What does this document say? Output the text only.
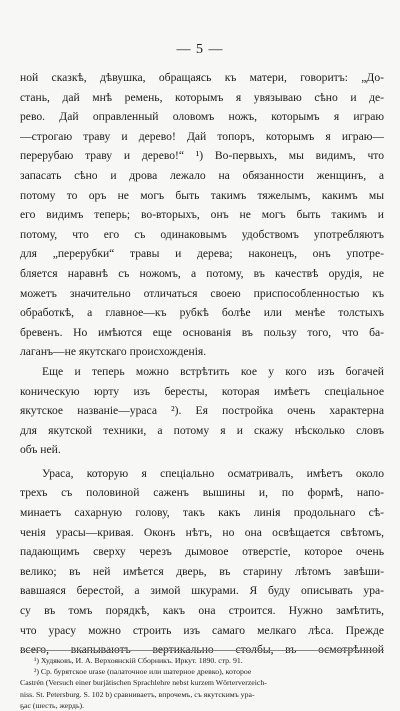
— 5 —
ной сказкѣ, дѣвушка, обращаясь къ матери, говоритъ: „До-
стань, дай мнѣ ремень, которымъ я увязываю сѣно и де-
рево. Дай оправленный оловомъ ножъ, которымъ я играю
—строгаю траву и дерево! Дай топоръ, которымъ я играю—
перерубаю траву и дерево!“ ¹) Во-первыхъ, мы видимъ, что
запасать сѣно и дрова лежало на обязанности женщинъ, а
потому то оръ не могъ быть такимъ тяжелымъ, какимъ мы
его видимъ теперь; во-вторыхъ, онъ не могъ быть такимъ и
потому, что его съ одинаковымъ удобствомъ употребляютъ
для „перерубки“ травы и дерева; наконецъ, онъ употре-
бляется наравнѣ съ ножомъ, а потому, въ качествѣ орудія, не
можетъ значительно отличаться своею приспособленностью къ
обработкѣ, а главное—къ рубкѣ болѣе или менѣе толстыхъ
бревенъ. Но имѣются еще основанія въ пользу того, что ба-
лаганъ—не якутскаго происхожденія.
Еще и теперь можно встрѣтить кое у кого изъ богачей
коническую юрту изъ бересты, которая имѣетъ спеціальное
якутское названіе—ураса ²). Ея постройка очень характерна
для якутской техники, а потому я и скажу нѣсколько словъ
объ ней.
Ураса, которую я спеціально осматривалъ, имѣетъ около
трехъ съ половиной саженъ вышины и, по формѣ, напо-
минаетъ сахарную голову, такъ какъ линія продольнаго сѣ-
ченія урасы—кривая. Оконъ нѣтъ, но она освѣщается свѣтомъ,
падающимъ сверху черезъ дымовое отверстіе, которое очень
велико; въ ней имѣется дверь, въ старину лѣтомъ завѣши-
вавшаяся берестой, а зимой шкурами. Я буду описывать ура-
су въ томъ порядкѣ, какъ она строится. Нужно замѣтить,
что урасу можно строить изъ самаго мелкаго лѣса. Прежде
всего, вкапываютъ вертикально столбы,—въ осмотрѣнной
¹) Худяковъ, И. А. Верхоянскій Сборникъ. Иркут. 1890. стр. 91.
²) Ср. бурятское urase (палаточное или шатерное древко), которое
Castrén (Versuch einer burjätischen Sprachlehre nebst kurzem Wörterverzeich-
niss. St. Petersburg. S. 102 b) сравниваетъ, впрочемъ, съ якутскимъ ура-
ҕас (шесть, жердь).
